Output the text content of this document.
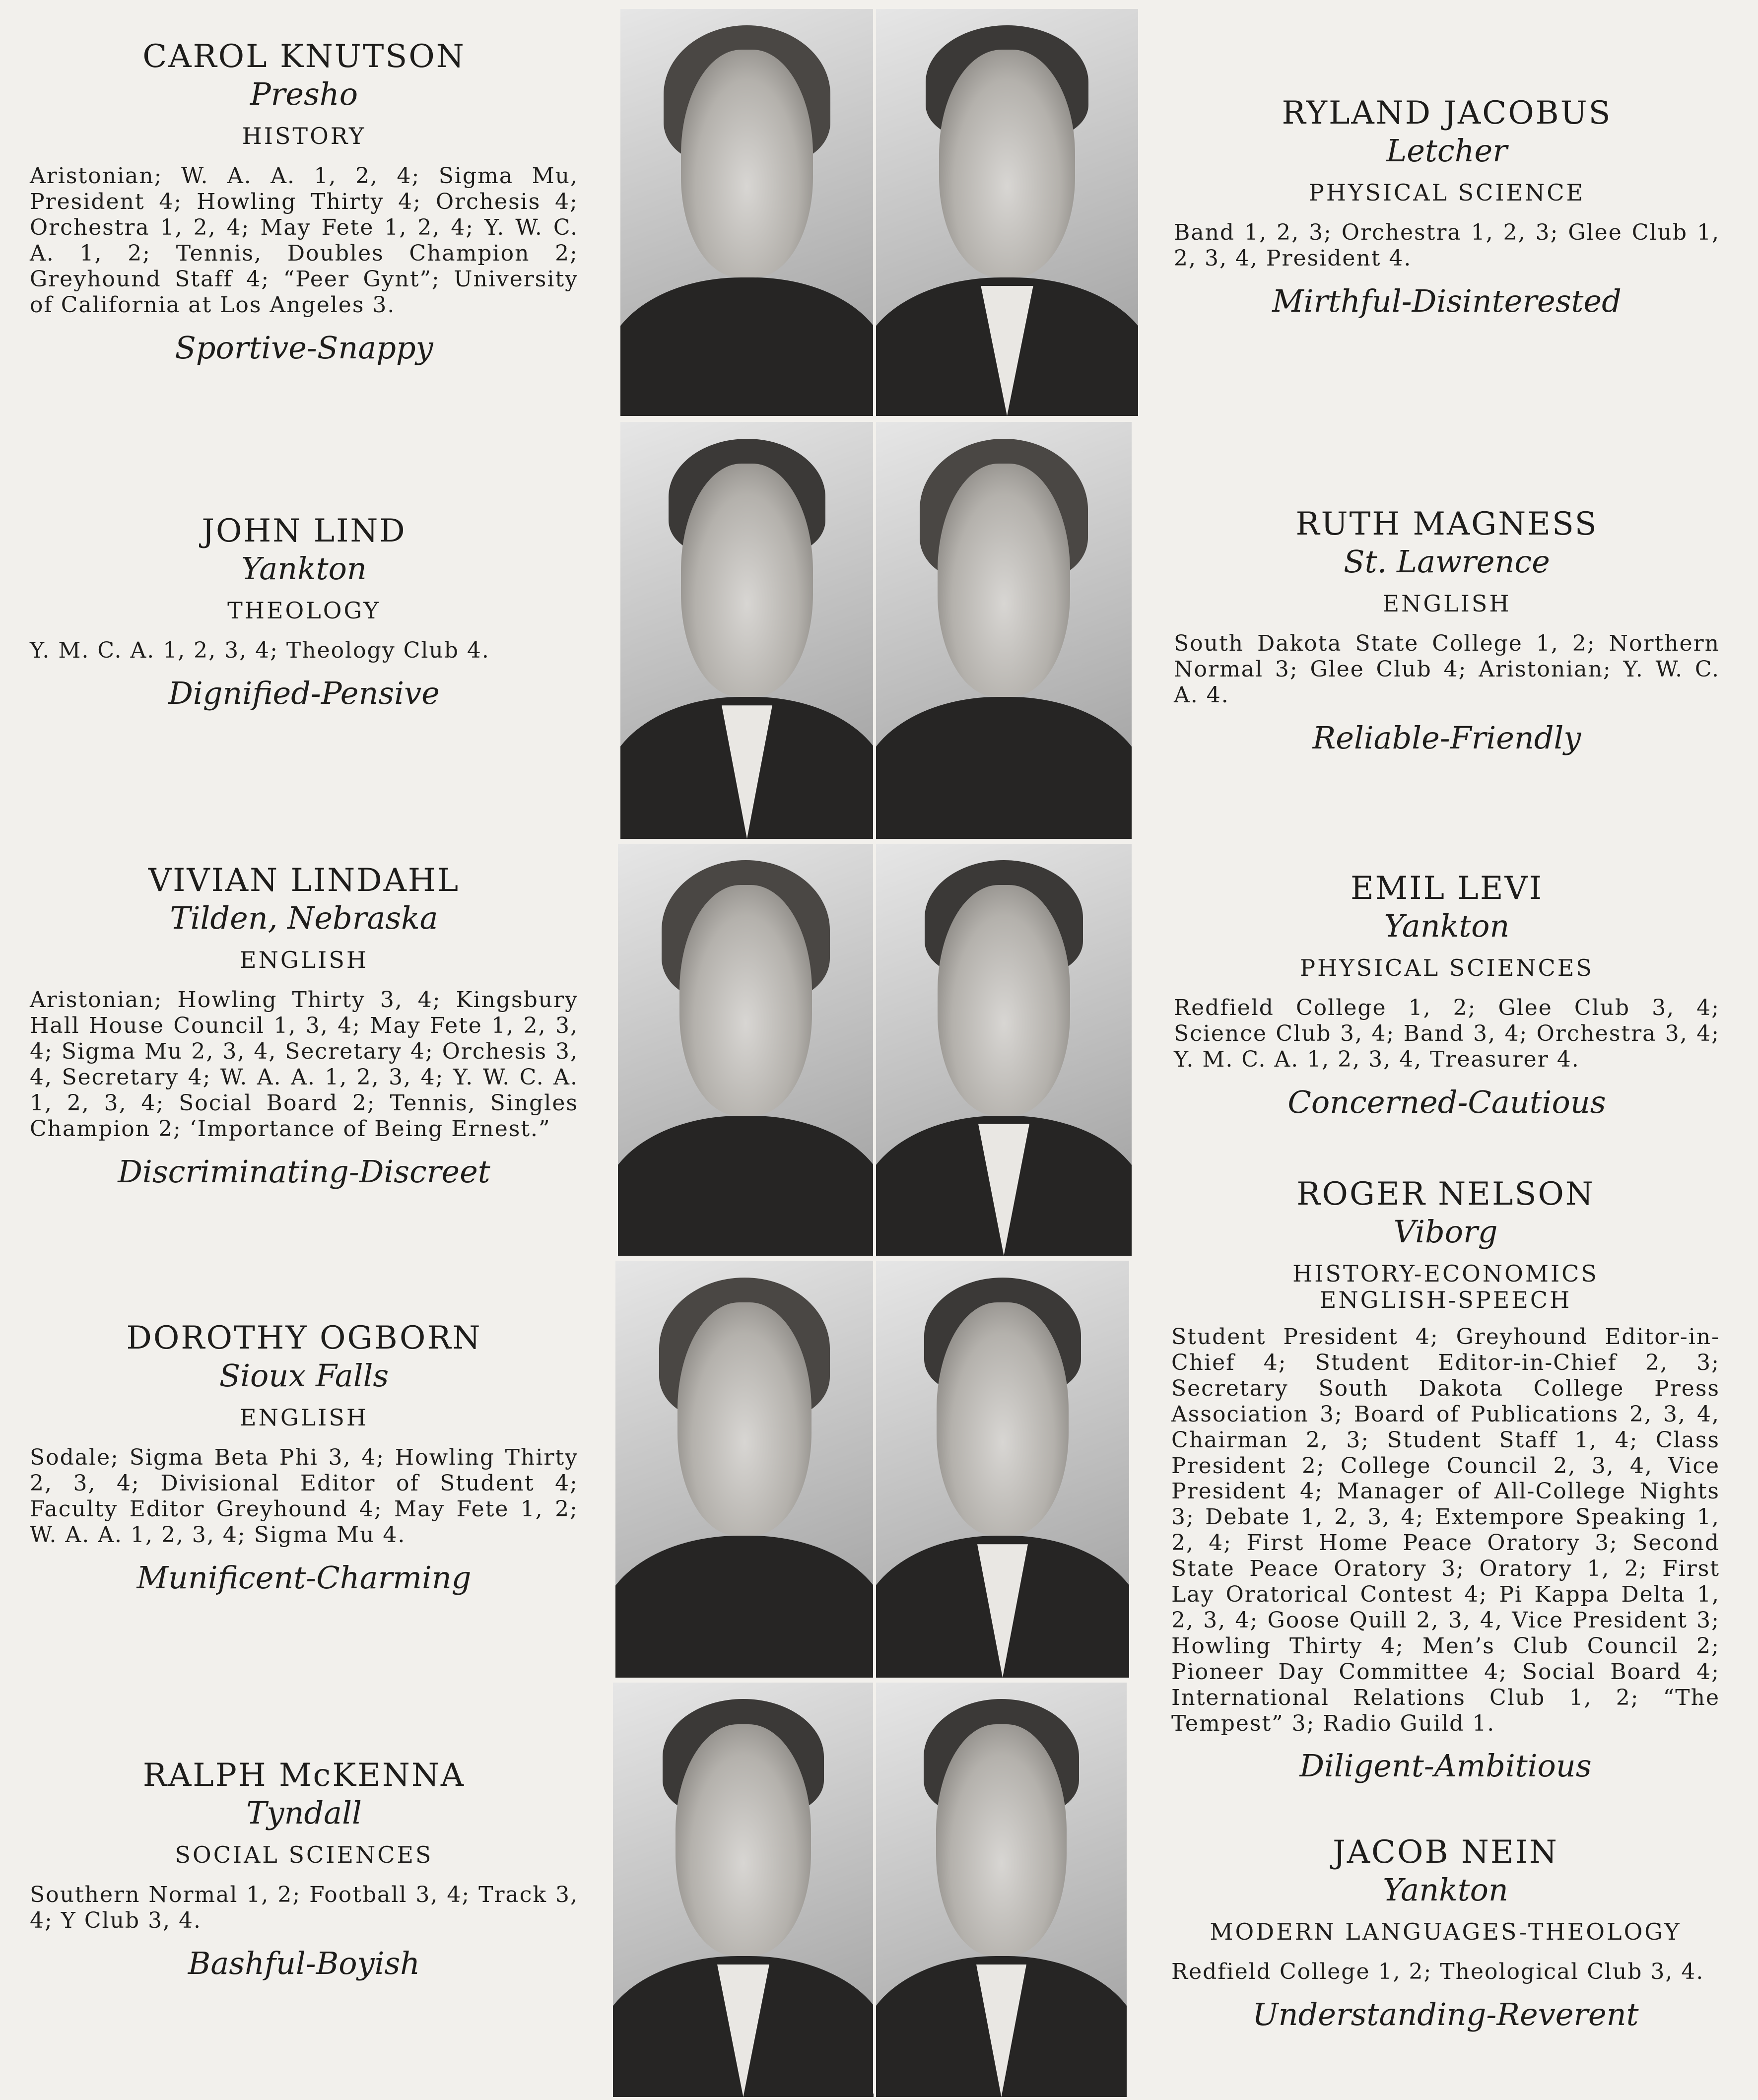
CAROL KNUTSON
Presho
HISTORY
Aristonian; W. A. A. 1, 2, 4; Sigma Mu, President 4; Howling Thirty 4; Orchesis 4; Orchestra 1, 2, 4; May Fete 1, 2, 4; Y. W. C. A. 1, 2; Tennis, Doubles Champion 2; Greyhound Staff 4; “Peer Gynt”; University of California at Los Angeles 3.
Sportive-Snappy
JOHN LIND
Yankton
THEOLOGY
Y. M. C. A. 1, 2, 3, 4; Theology Club 4.
Dignified-Pensive
VIVIAN LINDAHL
Tilden, Nebraska
ENGLISH
Aristonian; Howling Thirty 3, 4; Kingsbury Hall House Council 1, 3, 4; May Fete 1, 2, 3, 4; Sigma Mu 2, 3, 4, Secretary 4; Orchesis 3, 4, Secretary 4; W. A. A. 1, 2, 3, 4; Y. W. C. A. 1, 2, 3, 4; Social Board 2; Tennis, Singles Champion 2; ‘Importance of Being Ernest.”
Discriminating-Discreet
DOROTHY OGBORN
Sioux Falls
ENGLISH
Sodale; Sigma Beta Phi 3, 4; Howling Thirty 2, 3, 4; Divisional Editor of Student 4; Faculty Editor Greyhound 4; May Fete 1, 2; W. A. A. 1, 2, 3, 4; Sigma Mu 4.
Munificent-Charming
RALPH McKENNA
Tyndall
SOCIAL SCIENCES
Southern Normal 1, 2; Football 3, 4; Track 3, 4; Y Club 3, 4.
Bashful-Boyish
RYLAND JACOBUS
Letcher
PHYSICAL SCIENCE
Band 1, 2, 3; Orchestra 1, 2, 3; Glee Club 1, 2, 3, 4, President 4.
Mirthful-Disinterested
RUTH MAGNESS
St. Lawrence
ENGLISH
South Dakota State College 1, 2; Northern Normal 3; Glee Club 4; Aristonian; Y. W. C. A. 4.
Reliable-Friendly
EMIL LEVI
Yankton
PHYSICAL SCIENCES
Redfield College 1, 2; Glee Club 3, 4; Science Club 3, 4; Band 3, 4; Orchestra 3, 4; Y. M. C. A. 1, 2, 3, 4, Treasurer 4.
Concerned-Cautious
ROGER NELSON
Viborg
HISTORY-ECONOMICS
ENGLISH-SPEECH
Student President 4; Greyhound Editor-in-Chief 4; Student Editor-in-Chief 2, 3; Secretary South Dakota College Press Association 3; Board of Publications 2, 3, 4, Chairman 2, 3; Student Staff 1, 4; Class President 2; College Council 2, 3, 4, Vice President 4; Manager of All-College Nights 3; Debate 1, 2, 3, 4; Extempore Speaking 1, 2, 4; First Home Peace Oratory 3; Second State Peace Oratory 3; Oratory 1, 2; First Lay Oratorical Contest 4; Pi Kappa Delta 1, 2, 3, 4; Goose Quill 2, 3, 4, Vice President 3; Howling Thirty 4; Men’s Club Council 2; Pioneer Day Committee 4; Social Board 4; International Relations Club 1, 2; “The Tempest” 3; Radio Guild 1.
Diligent-Ambitious
JACOB NEIN
Yankton
MODERN LANGUAGES-THEOLOGY
Redfield College 1, 2; Theological Club 3, 4.
Understanding-Reverent
